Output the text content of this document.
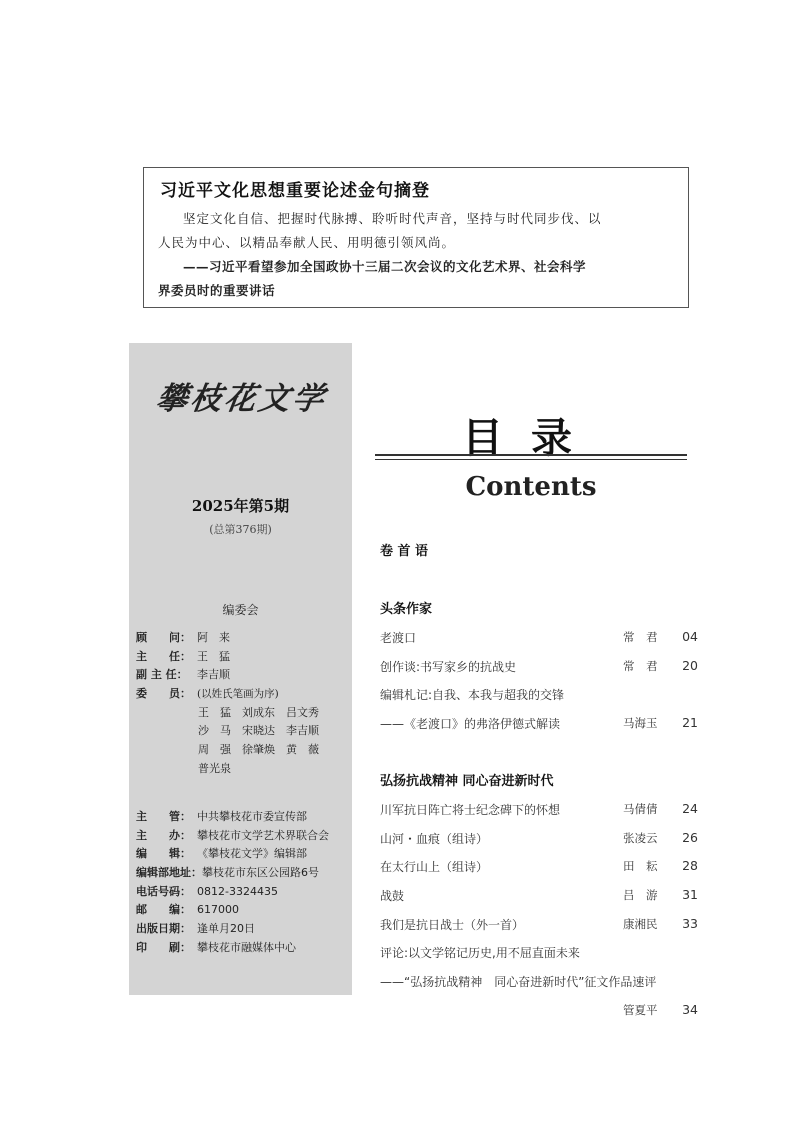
习近平文化思想重要论述金句摘登
坚定文化自信、把握时代脉搏、聆听时代声音，坚持与时代同步伐、以
人民为中心、以精品奉献人民、用明德引领风尚。
——习近平看望参加全国政协十三届二次会议的文化艺术界、社会科学
界委员时的重要讲话
攀枝花文学
2025年第5期
(总第376期)
编委会
顾　　问： 阿　来
主　　任： 王　猛
副 主 任： 李吉顺
委　　员： (以姓氏笔画为序)
王　猛　刘成东　吕文秀
沙　马　宋晓达　李吉顺
周　强　徐肇焕　黄　薇
普光泉
主　　管： 中共攀枝花市委宣传部
主　　办： 攀枝花市文学艺术界联合会
编　　辑： 《攀枝花文学》编辑部
编辑部地址：攀枝花市东区公园路6号
电话号码： 0812-3324435
邮　　编： 617000
出版日期： 逢单月20日
印　　刷： 攀枝花市融媒体中心
目录
Contents
卷 首 语
头条作家
老渡口	常　君 04
创作谈:书写家乡的抗战史	常　君 20
编辑札记:自我、本我与超我的交锋
——《老渡口》的弗洛伊德式解读	马海玉 21
弘扬抗战精神 同心奋进新时代
川军抗日阵亡将士纪念碑下的怀想	马倩倩 24
山河・血痕（组诗）	张凌云 26
在太行山上（组诗）	田　耘 28
战鼓	吕　游 31
我们是抗日战士（外一首）	康湘民 33
评论:以文学铭记历史,用不屈直面未来
——“弘扬抗战精神　同心奋进新时代”征文作品速评
管夏平 34
